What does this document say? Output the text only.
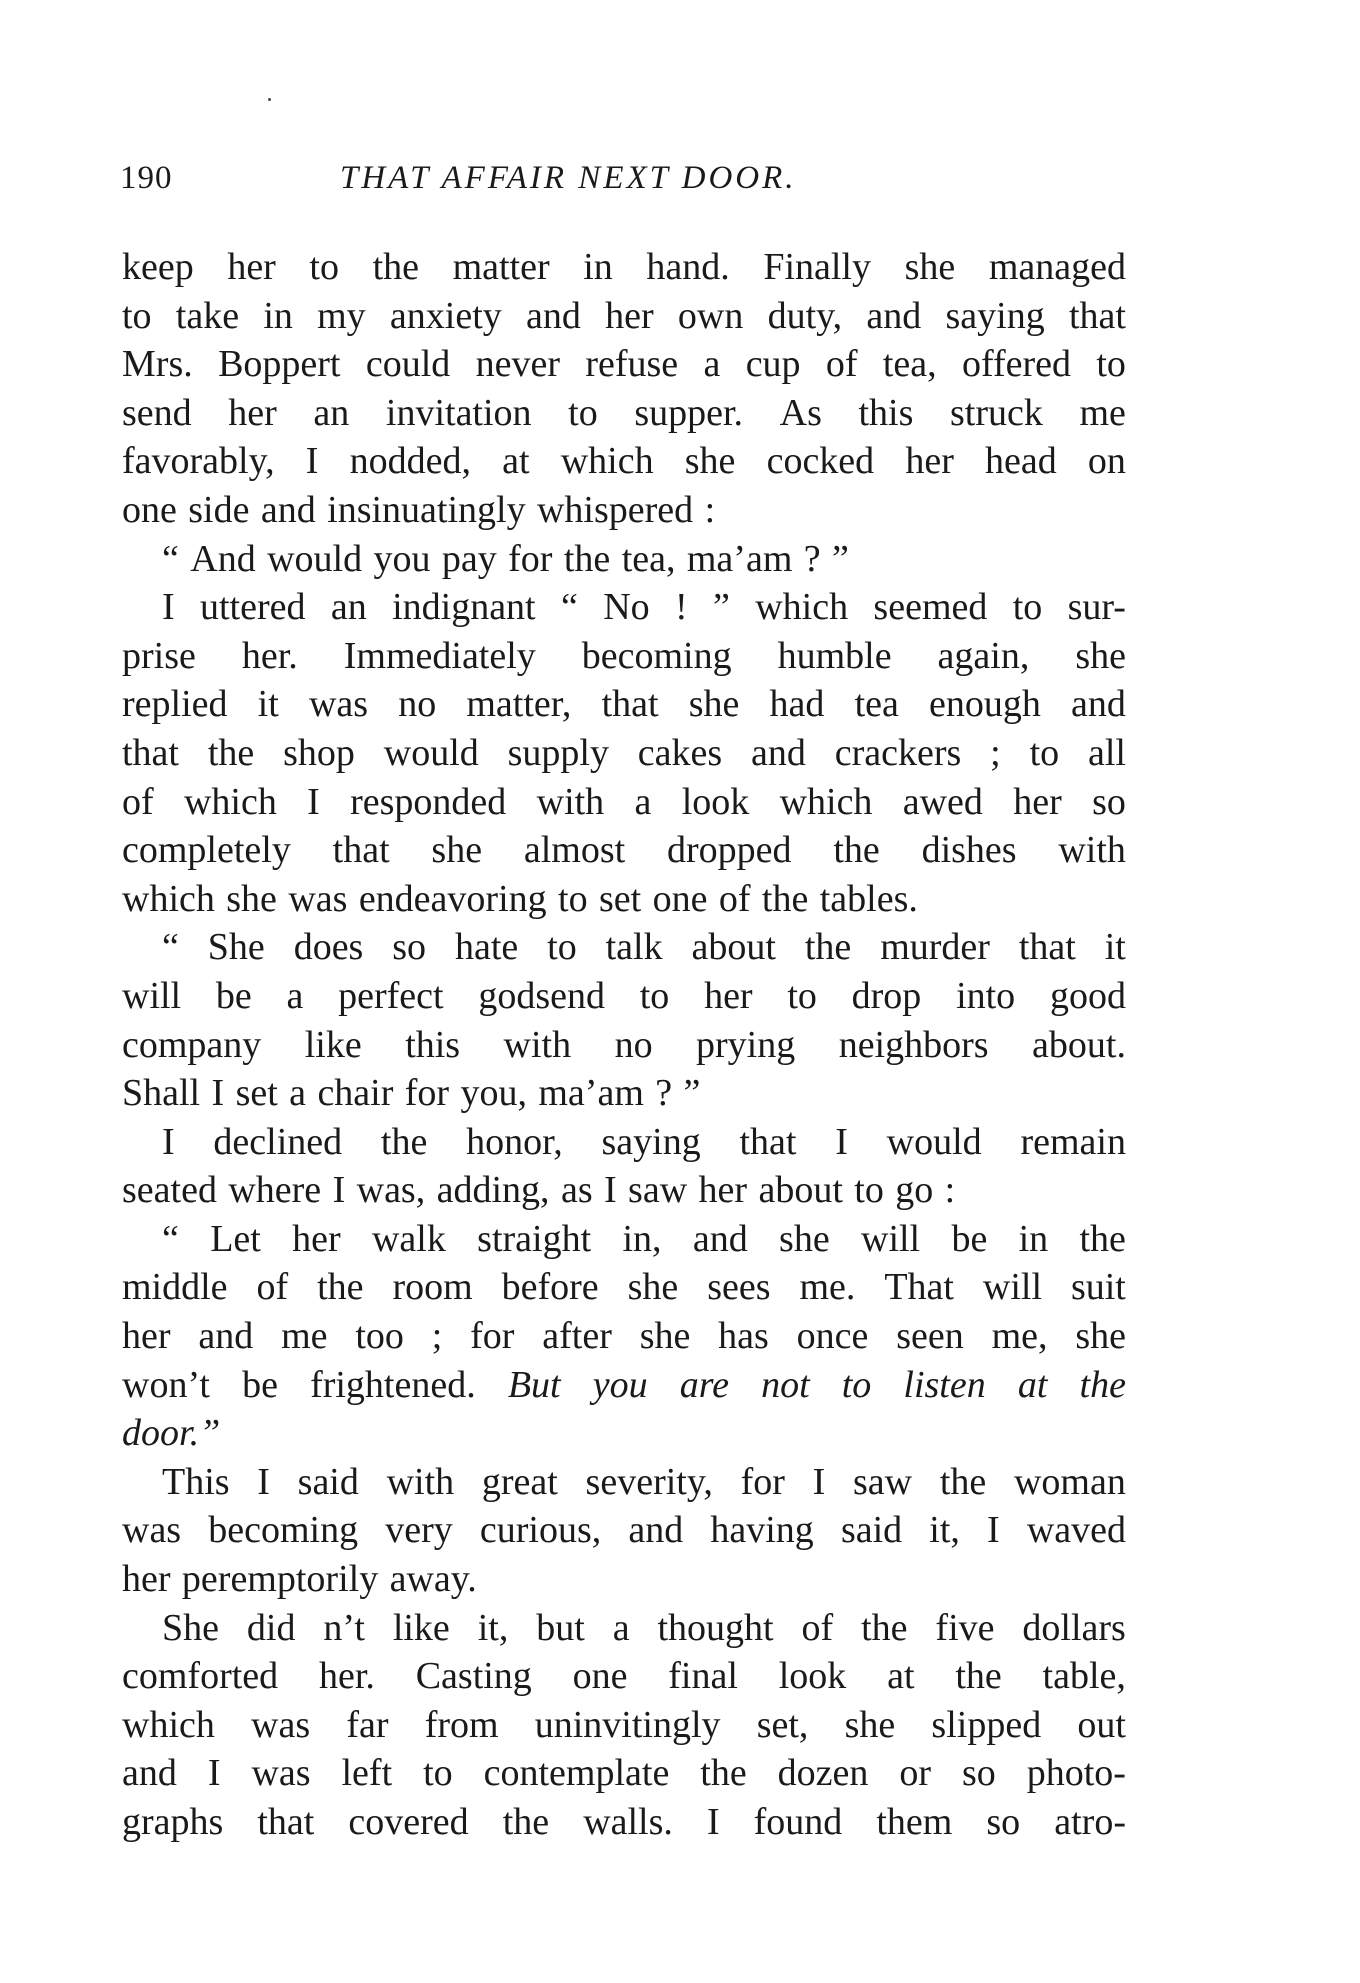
190	THAT AFFAIR NEXT DOOR.
keep her to the matter in hand. Finally she managed
to take in my anxiety and her own duty, and saying that
Mrs. Boppert could never refuse a cup of tea, offered to
send her an invitation to supper. As this struck me
favorably, I nodded, at which she cocked her head on
one side and insinuatingly whispered :
“ And would you pay for the tea, ma’am ? ”
I uttered an indignant “ No ! ” which seemed to sur-
prise her. Immediately becoming humble again, she
replied it was no matter, that she had tea enough and
that the shop would supply cakes and crackers ; to all
of which I responded with a look which awed her so
completely that she almost dropped the dishes with
which she was endeavoring to set one of the tables.
“ She does so hate to talk about the murder that it
will be a perfect godsend to her to drop into good
company like this with no prying neighbors about.
Shall I set a chair for you, ma’am ? ”
I declined the honor, saying that I would remain
seated where I was, adding, as I saw her about to go :
“ Let her walk straight in, and she will be in the
middle of the room before she sees me. That will suit
her and me too ; for after she has once seen me, she
won’t be frightened. But you are not to listen at the
door.”
This I said with great severity, for I saw the woman
was becoming very curious, and having said it, I waved
her peremptorily away.
She did n’t like it, but a thought of the five dollars
comforted her. Casting one final look at the table,
which was far from uninvitingly set, she slipped out
and I was left to contemplate the dozen or so photo-
graphs that covered the walls. I found them so atro-
